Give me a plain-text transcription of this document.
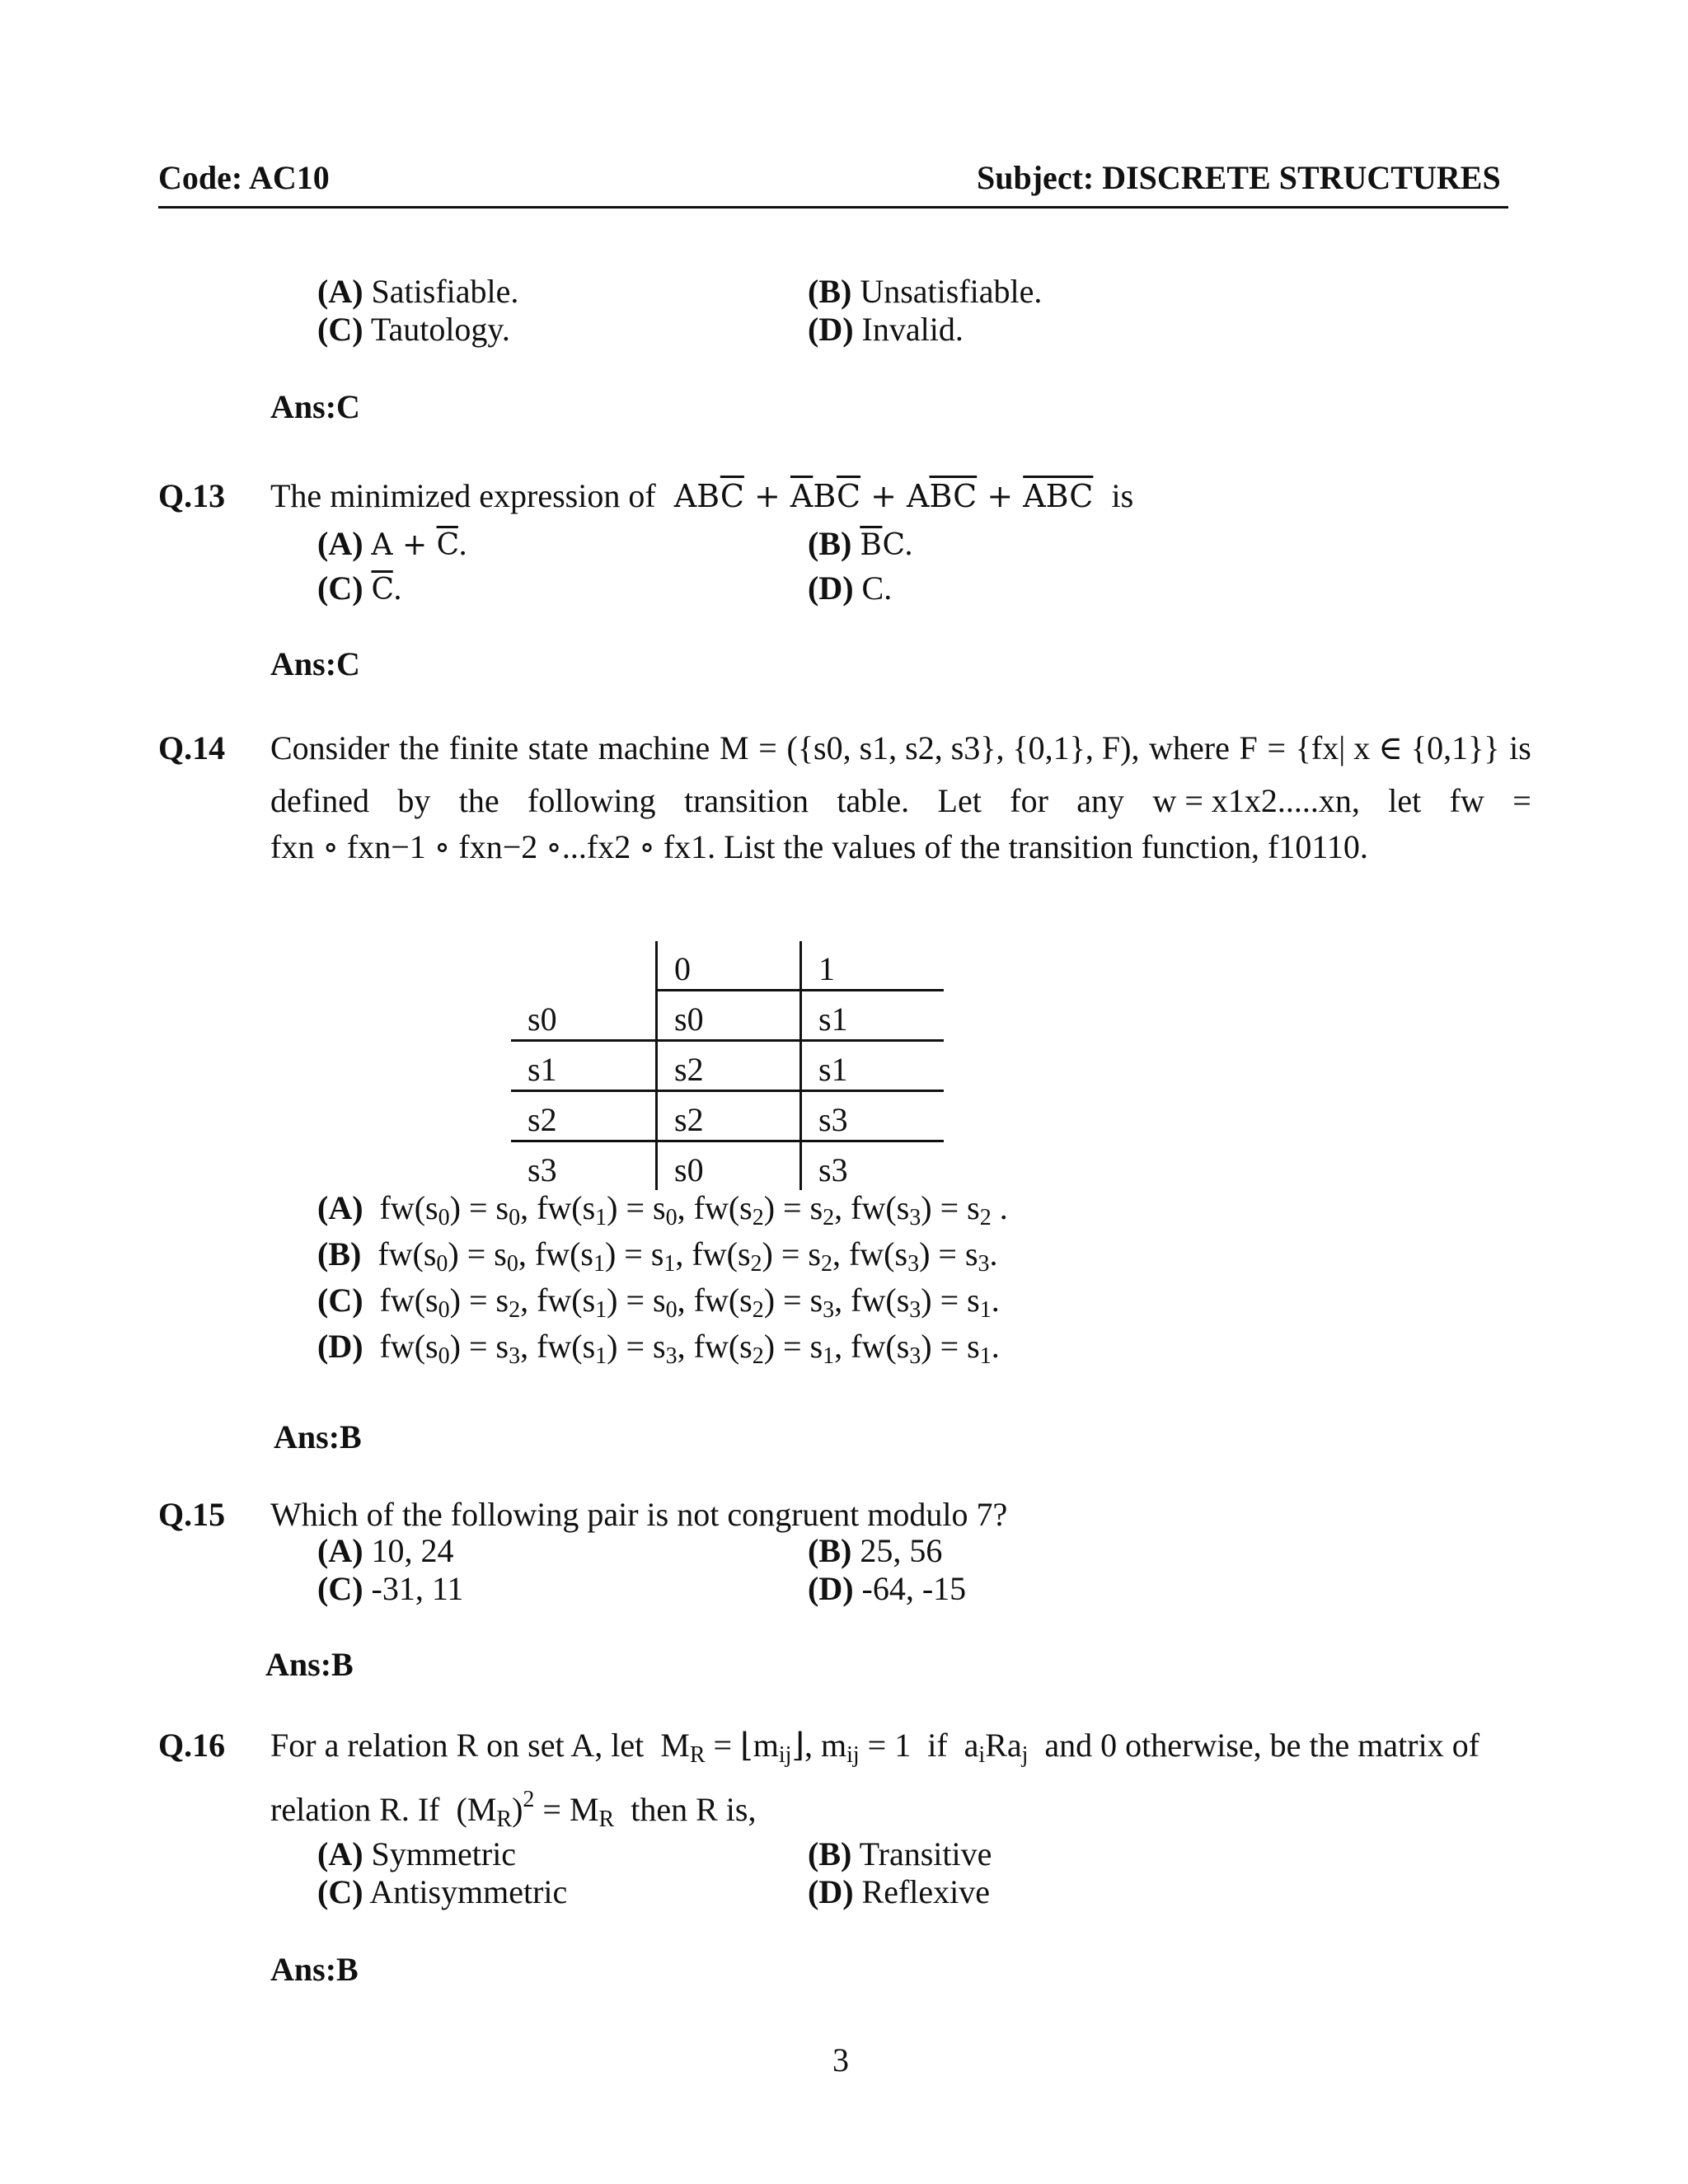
Code: AC10	Subject: DISCRETE STRUCTURES
(A) Satisfiable.	(B) Unsatisfiable.
(C) Tautology.	(D) Invalid.
Ans:C
Q.13 The minimized expression of  $AB\overline{C} + \overline{A}B\overline{C} + A\overline{BC} + \overline{ABC}$ is
(A) $A + \overline{C}$.	(B) $\overline{B}C$.
(C) $\overline{C}$.	(D) C.
Ans:C
Q.14 Consider the finite state machine M = ({s0, s1, s2, s3}, {0,1}, F), where F = {fx| x ∈ {0,1}} is
defined by the following transition table. Let for any w = x1x2.....xn, let fw =
fxn ∘ fxn−1 ∘ fxn−2 ∘...fx2 ∘ fx1. List the values of the transition function, f10110.
	0	1
s0	s0	s1
s1	s2	s1
s2	s2	s3
s3	s0	s3
(A)  $fw(s_0) = s_0$, $fw(s_1) = s_0$, $fw(s_2) = s_2$, $fw(s_3) = s_2$ .
(B)  $fw(s_0) = s_0$, $fw(s_1) = s_1$, $fw(s_2) = s_2$, $fw(s_3) = s_3$.
(C)  $fw(s_0) = s_2$, $fw(s_1) = s_0$, $fw(s_2) = s_3$, $fw(s_3) = s_1$.
(D)  $fw(s_0) = s_3$, $fw(s_1) = s_3$, $fw(s_2) = s_1$, $fw(s_3) = s_1$.
Ans:B
Q.15 Which of the following pair is not congruent modulo 7?
(A) 10, 24	(B) 25, 56
(C) -31, 11	(D) -64, -15
Ans:B
Q.16 For a relation R on set A, let  $M_R$ = $⌊m_{ij}⌋$, $m_{ij} = 1$  if  $a_iRa_j$ and 0 otherwise, be the matrix of
relation R. If  $(M_R)^2 = M_R$ then R is,
(A) Symmetric	(B) Transitive
(C) Antisymmetric	(D) Reflexive
Ans:B
3
